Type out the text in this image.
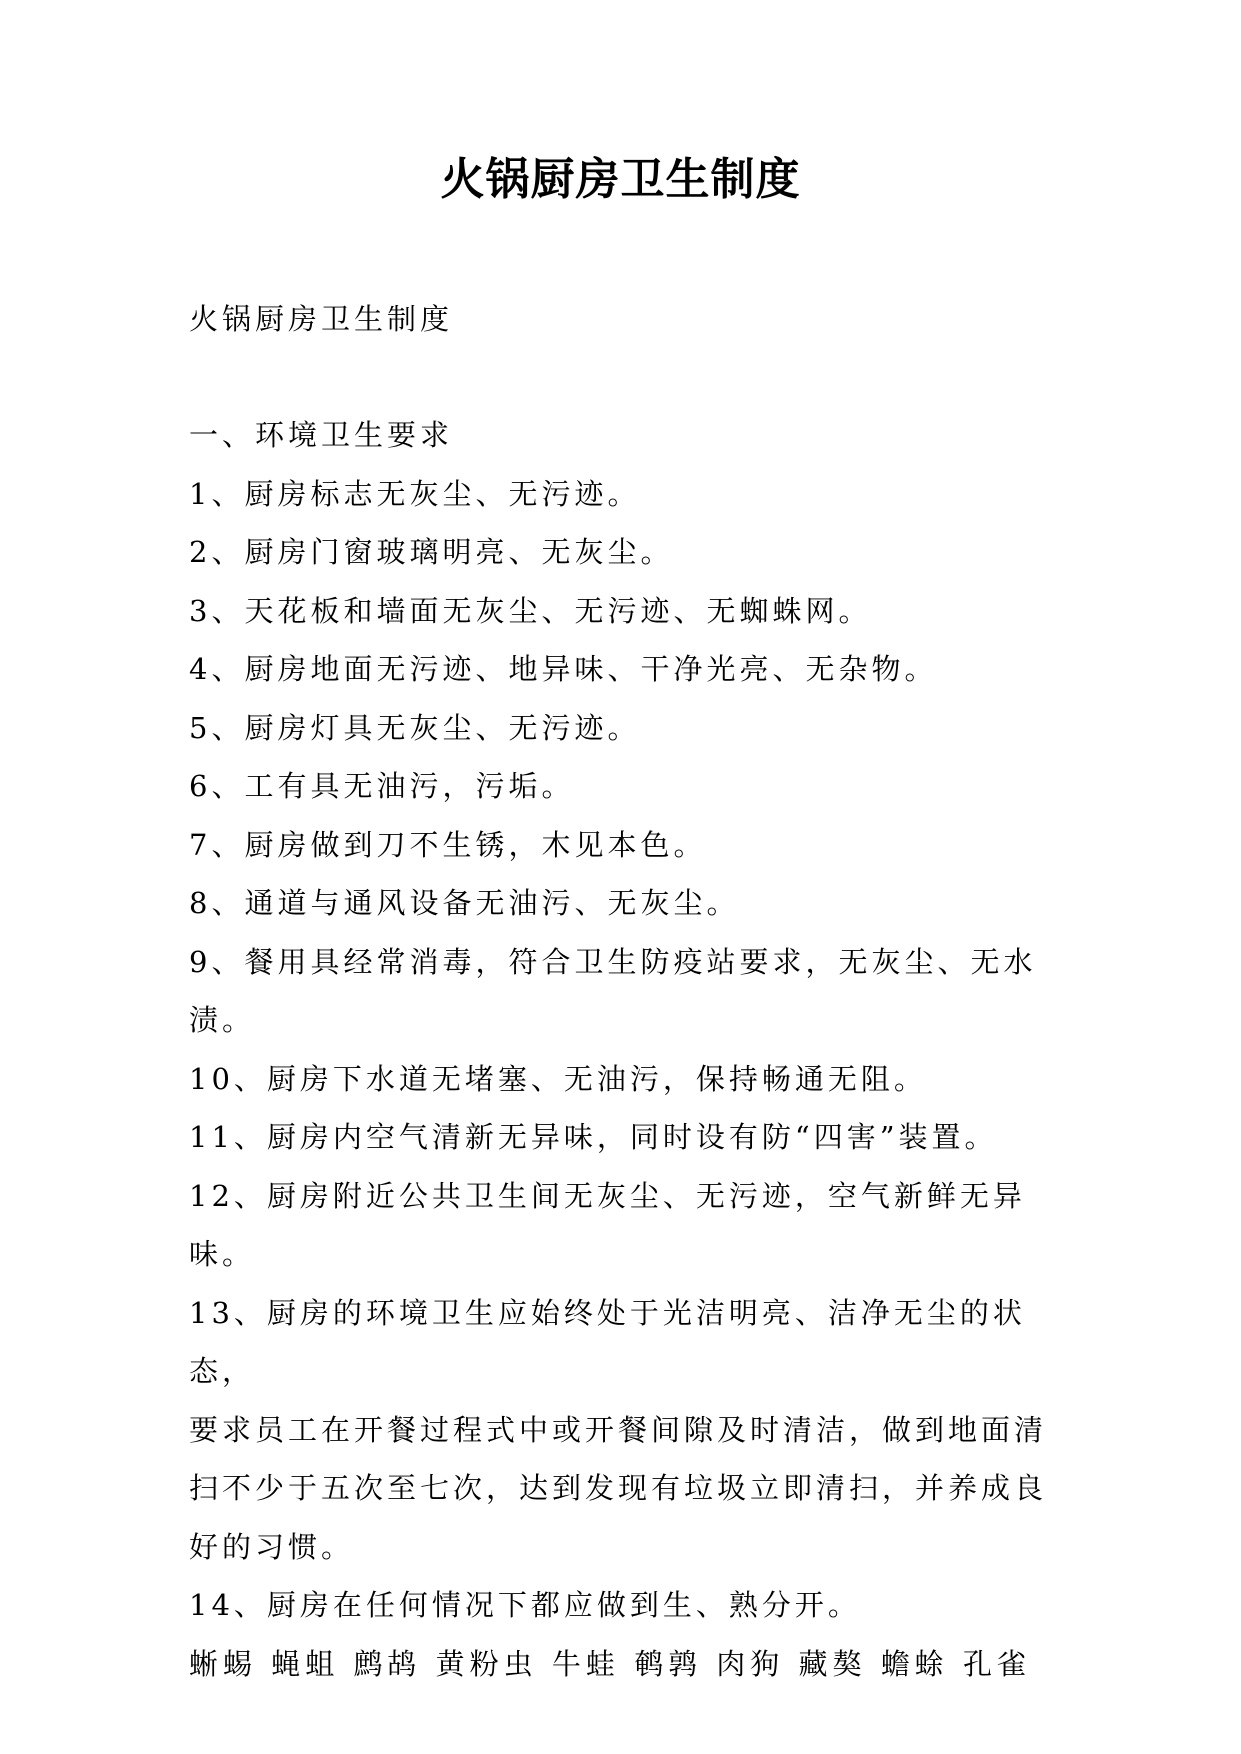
火锅厨房卫生制度

火锅厨房卫生制度

一、环境卫生要求

1、厨房标志无灰尘、无污迹。

2、厨房门窗玻璃明亮、无灰尘。

3、天花板和墙面无灰尘、无污迹、无蜘蛛网。

4、厨房地面无污迹、地异味、干净光亮、无杂物。

5、厨房灯具无灰尘、无污迹。

6、工有具无油污，污垢。

7、厨房做到刀不生锈，木见本色。

8、通道与通风设备无油污、无灰尘。

9、餐用具经常消毒，符合卫生防疫站要求，无灰尘、无水

渍。

10、厨房下水道无堵塞、无油污，保持畅通无阻。

11、厨房内空气清新无异味，同时设有防“四害”装置。

12、厨房附近公共卫生间无灰尘、无污迹，空气新鲜无异味。

13、厨房的环境卫生应始终处于光洁明亮、洁净无尘的状态，

要求员工在开餐过程式中或开餐间隙及时清洁，做到地面清

扫不少于五次至七次，达到发现有垃圾立即清扫，并养成良

好的习惯。

14、厨房在任何情况下都应做到生、熟分开。

蜥蜴 蝇蛆 鹧鸪 黄粉虫 牛蛙 鹌鹑 肉狗 藏獒 蟾蜍 孔雀
